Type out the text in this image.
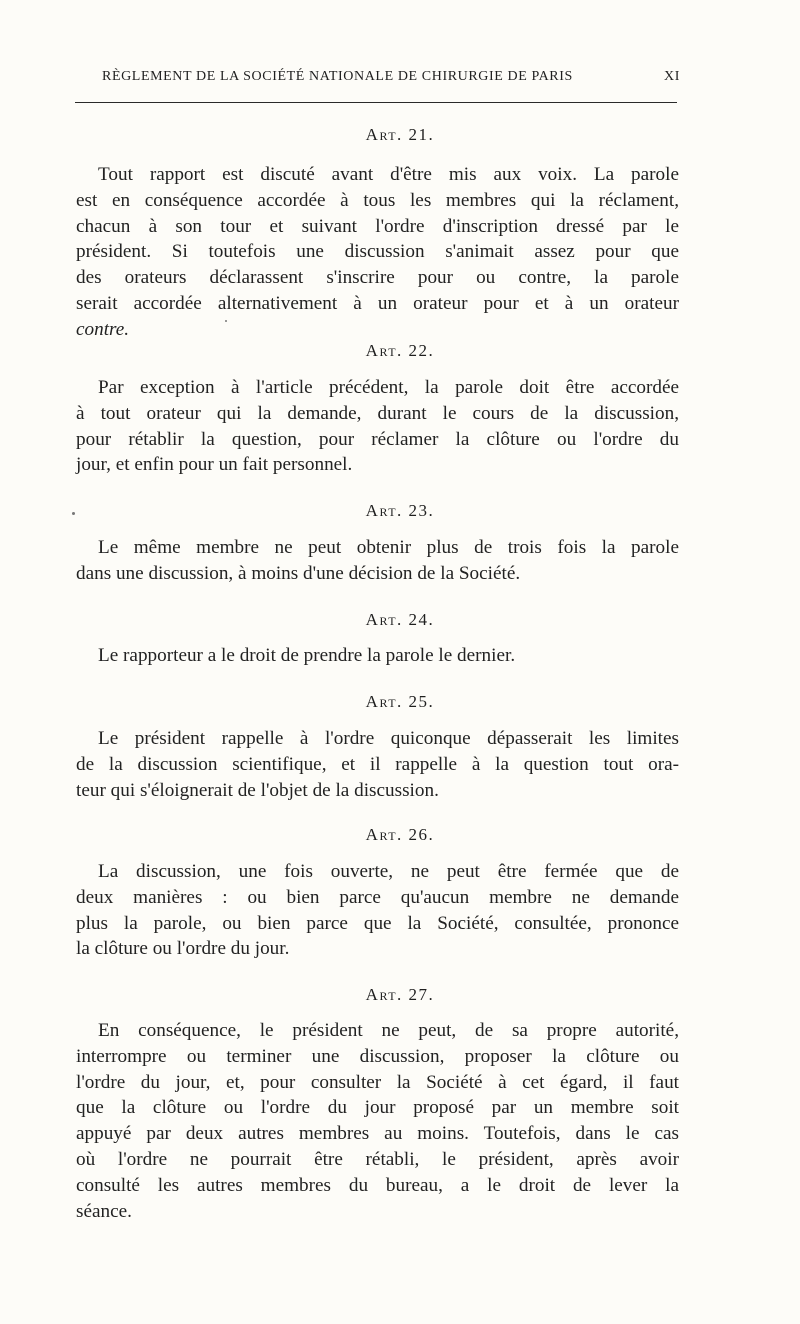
RÈGLEMENT DE LA SOCIÉTÉ NATIONALE DE CHIRURGIE DE PARIS	XI
Art. 21.

Tout rapport est discuté avant d'être mis aux voix. La parole
est en conséquence accordée à tous les membres qui la réclament,
chacun à son tour et suivant l'ordre d'inscription dressé par le
président. Si toutefois une discussion s'animait assez pour que
des orateurs déclarassent s'inscrire pour ou contre, la parole
serait accordée alternativement à un orateur pour et à un orateur
contre.

Art. 22.

Par exception à l'article précédent, la parole doit être accordée
à tout orateur qui la demande, durant le cours de la discussion,
pour rétablir la question, pour réclamer la clôture ou l'ordre du
jour, et enfin pour un fait personnel.

Art. 23.

Le même membre ne peut obtenir plus de trois fois la parole
dans une discussion, à moins d'une décision de la Société.

Art. 24.

Le rapporteur a le droit de prendre la parole le dernier.

Art. 25.

Le président rappelle à l'ordre quiconque dépasserait les limites
de la discussion scientifique, et il rappelle à la question tout ora-
teur qui s'éloignerait de l'objet de la discussion.

Art. 26.

La discussion, une fois ouverte, ne peut être fermée que de
deux manières : ou bien parce qu'aucun membre ne demande
plus la parole, ou bien parce que la Société, consultée, prononce
la clôture ou l'ordre du jour.

Art. 27.

En conséquence, le président ne peut, de sa propre autorité,
interrompre ou terminer une discussion, proposer la clôture ou
l'ordre du jour, et, pour consulter la Société à cet égard, il faut
que la clôture ou l'ordre du jour proposé par un membre soit
appuyé par deux autres membres au moins. Toutefois, dans le cas
où l'ordre ne pourrait être rétabli, le président, après avoir
consulté les autres membres du bureau, a le droit de lever la
séance.
